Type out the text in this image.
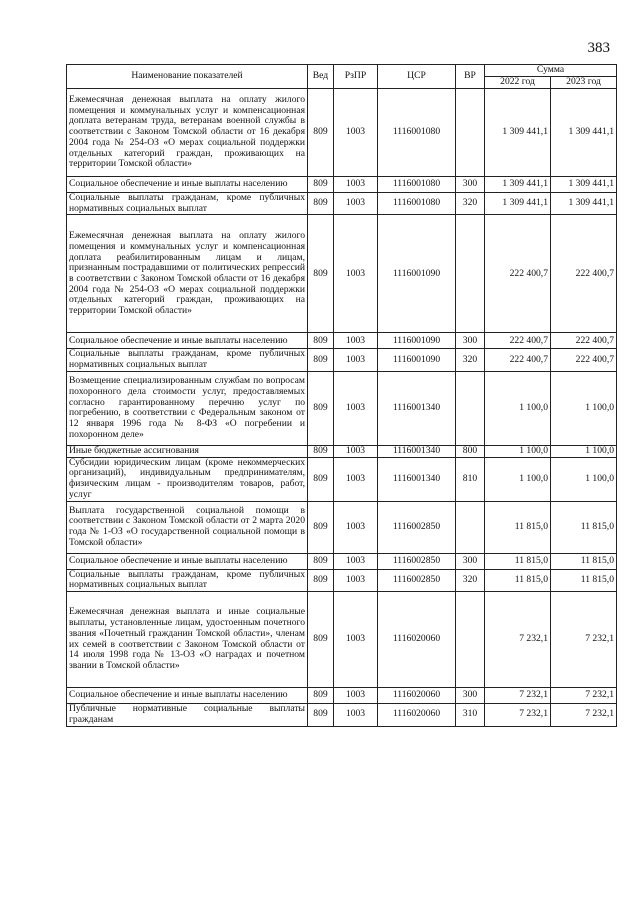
383
Наименование показателей	Вед	РзПР	ЦСР	ВР	Сумма	
					2022 год	2023 год
Ежемесячная денежная выплата на оплату жилого помещения и коммунальных услуг и компенсационная доплата ветеранам труда, ветеранам военной службы в соответствии с Законом Томской области от 16 декабря 2004 года № 254-ОЗ «О мерах социальной поддержки отдельных категорий граждан, проживающих на территории Томской области»	809	1003	1116001080		1 309 441,1	1 309 441,1
Социальное обеспечение и иные выплаты населению	809	1003	1116001080	300	1 309 441,1	1 309 441,1
Социальные выплаты гражданам, кроме публичных нормативных социальных выплат	809	1003	1116001080	320	1 309 441,1	1 309 441,1
Ежемесячная денежная выплата на оплату жилого помещения и коммунальных услуг и компенсационная доплата реабилитированным лицам и лицам, признанным пострадавшими от политических репрессий в соответствии с Законом Томской области от 16 декабря 2004 года № 254-ОЗ «О мерах социальной поддержки отдельных категорий граждан, проживающих на территории Томской области»	809	1003	1116001090		222 400,7	222 400,7
Социальное обеспечение и иные выплаты населению	809	1003	1116001090	300	222 400,7	222 400,7
Социальные выплаты гражданам, кроме публичных нормативных социальных выплат	809	1003	1116001090	320	222 400,7	222 400,7
Возмещение специализированным службам по вопросам похоронного дела стоимости услуг, предоставляемых согласно гарантированному перечню услуг по погребению, в соответствии с Федеральным законом от 12 января 1996 года № 8-ФЗ «О погребении и похоронном деле»	809	1003	1116001340		1 100,0	1 100,0
Иные бюджетные ассигнования	809	1003	1116001340	800	1 100,0	1 100,0
Субсидии юридическим лицам (кроме некоммерческих организаций), индивидуальным предпринимателям, физическим лицам - производителям товаров, работ, услуг	809	1003	1116001340	810	1 100,0	1 100,0
Выплата государственной социальной помощи в соответствии с Законом Томской области от 2 марта 2020 года № 1-ОЗ «О государственной социальной помощи в Томской области»	809	1003	1116002850		11 815,0	11 815,0
Социальное обеспечение и иные выплаты населению	809	1003	1116002850	300	11 815,0	11 815,0
Социальные выплаты гражданам, кроме публичных нормативных социальных выплат	809	1003	1116002850	320	11 815,0	11 815,0
Ежемесячная денежная выплата и иные социальные выплаты, установленные лицам, удостоенным почетного звания «Почетный гражданин Томской области», членам их семей в соответствии с Законом Томской области от 14 июля 1998 года № 13-ОЗ «О наградах и почетном звании в Томской области»	809	1003	1116020060		7 232,1	7 232,1
Социальное обеспечение и иные выплаты населению	809	1003	1116020060	300	7 232,1	7 232,1
Публичные нормативные социальные выплаты гражданам	809	1003	1116020060	310	7 232,1	7 232,1
